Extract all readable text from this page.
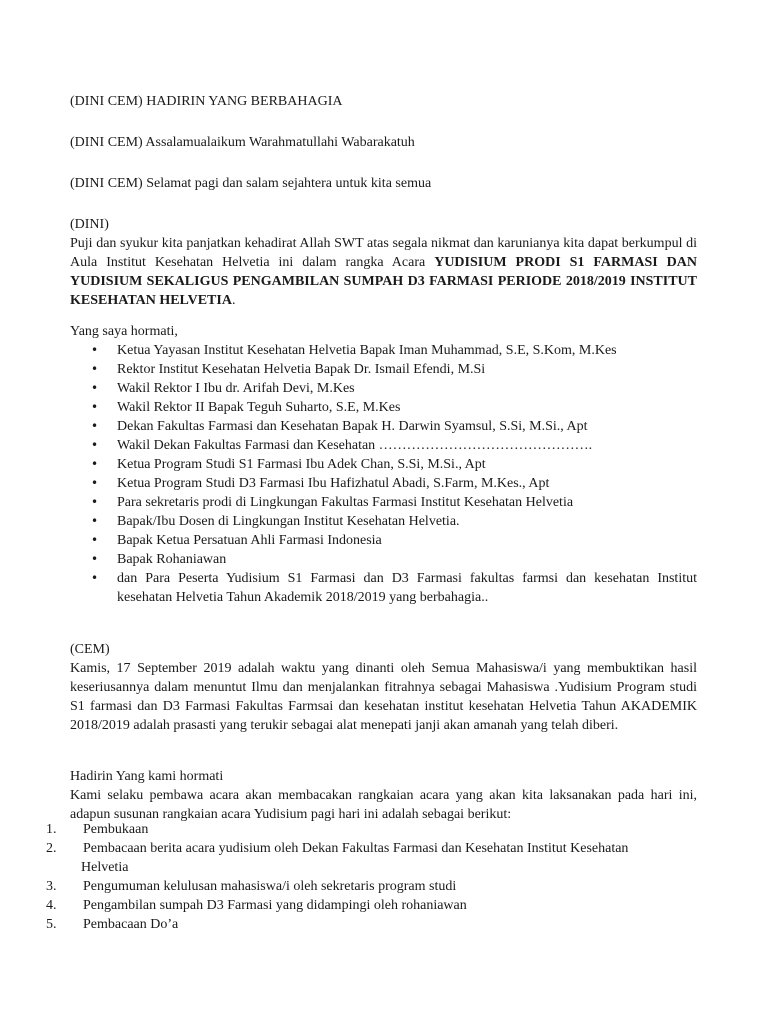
(DINI CEM) HADIRIN YANG BERBAHAGIA

(DINI CEM) Assalamualaikum Warahmatullahi Wabarakatuh

(DINI CEM) Selamat pagi dan salam sejahtera untuk kita semua

(DINI)

Puji dan syukur kita panjatkan kehadirat Allah SWT atas segala nikmat dan karunianya kita dapat berkumpul di Aula Institut Kesehatan Helvetia ini dalam rangka Acara YUDISIUM PRODI S1 FARMASI DAN YUDISIUM SEKALIGUS PENGAMBILAN SUMPAH D3 FARMASI PERIODE 2018/2019 INSTITUT KESEHATAN HELVETIA.

Yang saya hormati,

• Ketua Yayasan Institut Kesehatan Helvetia Bapak Iman Muhammad, S.E, S.Kom, M.Kes
• Rektor Institut Kesehatan Helvetia Bapak Dr. Ismail Efendi, M.Si
• Wakil Rektor I Ibu dr. Arifah Devi, M.Kes
• Wakil Rektor II Bapak Teguh Suharto, S.E, M.Kes
• Dekan Fakultas Farmasi dan Kesehatan Bapak H. Darwin Syamsul, S.Si, M.Si., Apt
• Wakil Dekan Fakultas Farmasi dan Kesehatan ……………………………………….
• Ketua Program Studi S1 Farmasi Ibu Adek Chan, S.Si, M.Si., Apt
• Ketua Program Studi D3 Farmasi Ibu Hafizhatul Abadi, S.Farm, M.Kes., Apt
• Para sekretaris prodi di Lingkungan Fakultas Farmasi Institut Kesehatan Helvetia
• Bapak/Ibu Dosen di Lingkungan Institut Kesehatan Helvetia.
• Bapak Ketua Persatuan Ahli Farmasi Indonesia
• Bapak Rohaniawan
• dan Para Peserta Yudisium S1 Farmasi dan D3 Farmasi fakultas farmsi dan kesehatan Institut kesehatan Helvetia Tahun Akademik 2018/2019 yang berbahagia..

(CEM)

Kamis, 17 September 2019 adalah waktu yang dinanti oleh Semua Mahasiswa/i yang membuktikan hasil keseriusannya dalam menuntut Ilmu dan menjalankan fitrahnya sebagai Mahasiswa .Yudisium Program studi S1 farmasi dan D3 Farmasi Fakultas Farmsai dan kesehatan institut kesehatan Helvetia Tahun AKADEMIK 2018/2019 adalah prasasti yang terukir sebagai alat menepati janji akan amanah yang telah diberi.

Hadirin Yang kami hormati

Kami selaku pembawa acara akan membacakan rangkaian acara yang akan kita laksanakan pada hari ini, adapun susunan rangkaian acara Yudisium pagi hari ini adalah sebagai berikut:

1. Pembukaan
2. Pembacaan berita acara yudisium oleh Dekan Fakultas Farmasi dan Kesehatan Institut Kesehatan
Helvetia
3. Pengumuman kelulusan mahasiswa/i oleh sekretaris program studi
4. Pengambilan sumpah D3 Farmasi yang didampingi oleh rohaniawan
5. Pembacaan Do’a
